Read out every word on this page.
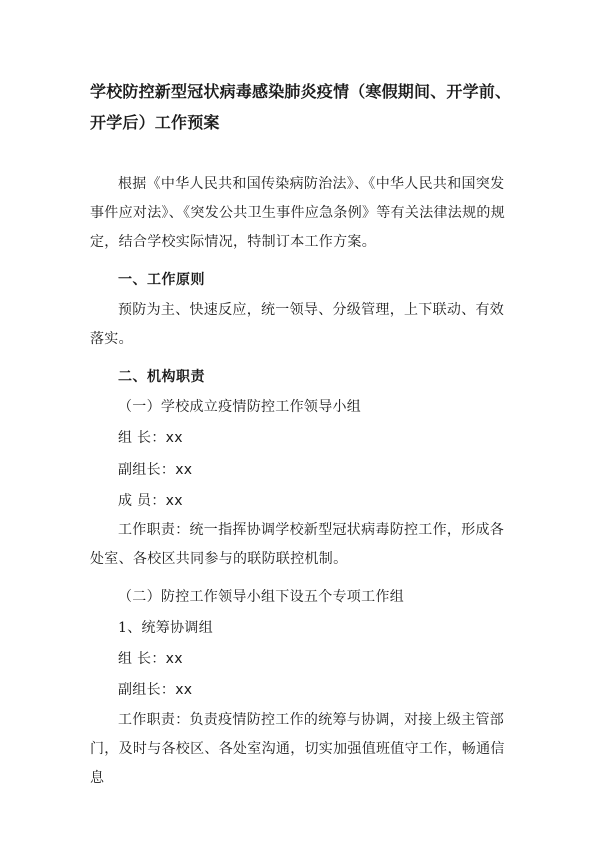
学校防控新型冠状病毒感染肺炎疫情（寒假期间、开学前、开学后）工作预案

根据《中华人民共和国传染病防治法》、《中华人民共和国突发事件应对法》、《突发公共卫生事件应急条例》等有关法律法规的规定，结合学校实际情况，特制订本工作方案。

一、工作原则

预防为主、快速反应，统一领导、分级管理，上下联动、有效落实。

二、机构职责

（一）学校成立疫情防控工作领导小组

组 长：xx

副组长：xx

成 员：xx

工作职责：统一指挥协调学校新型冠状病毒防控工作，形成各处室、各校区共同参与的联防联控机制。

（二）防控工作领导小组下设五个专项工作组

1、统筹协调组

组 长：xx

副组长：xx

工作职责：负责疫情防控工作的统筹与协调，对接上级主管部门，及时与各校区、各处室沟通，切实加强值班值守工作，畅通信息
